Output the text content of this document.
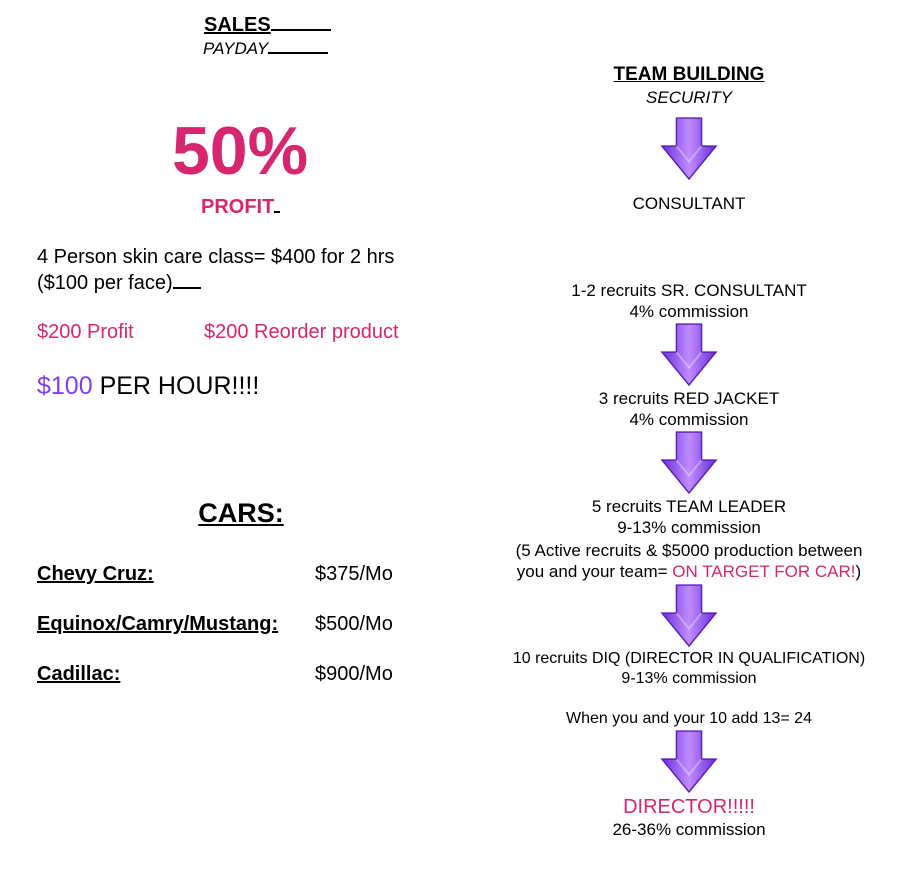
SALES
PAYDAY
50%
PROFIT
4 Person skin care class= $400 for 2 hrs
($100 per face)
$200 Profit	$200 Reorder product
$100 PER HOUR!!!!
CARS:
Chevy Cruz:	$375/Mo
Equinox/Camry/Mustang: $500/Mo
Cadillac:	$900/Mo
TEAM BUILDING
SECURITY
CONSULTANT
1-2 recruits SR. CONSULTANT
4% commission
3 recruits RED JACKET
4% commission
5 recruits TEAM LEADER
9-13% commission
(5 Active recruits & $5000 production between
you and your team= ON TARGET FOR CAR!)
10 recruits DIQ (DIRECTOR IN QUALIFICATION)
9-13% commission
When you and your 10 add 13= 24
DIRECTOR!!!!!
26-36% commission
